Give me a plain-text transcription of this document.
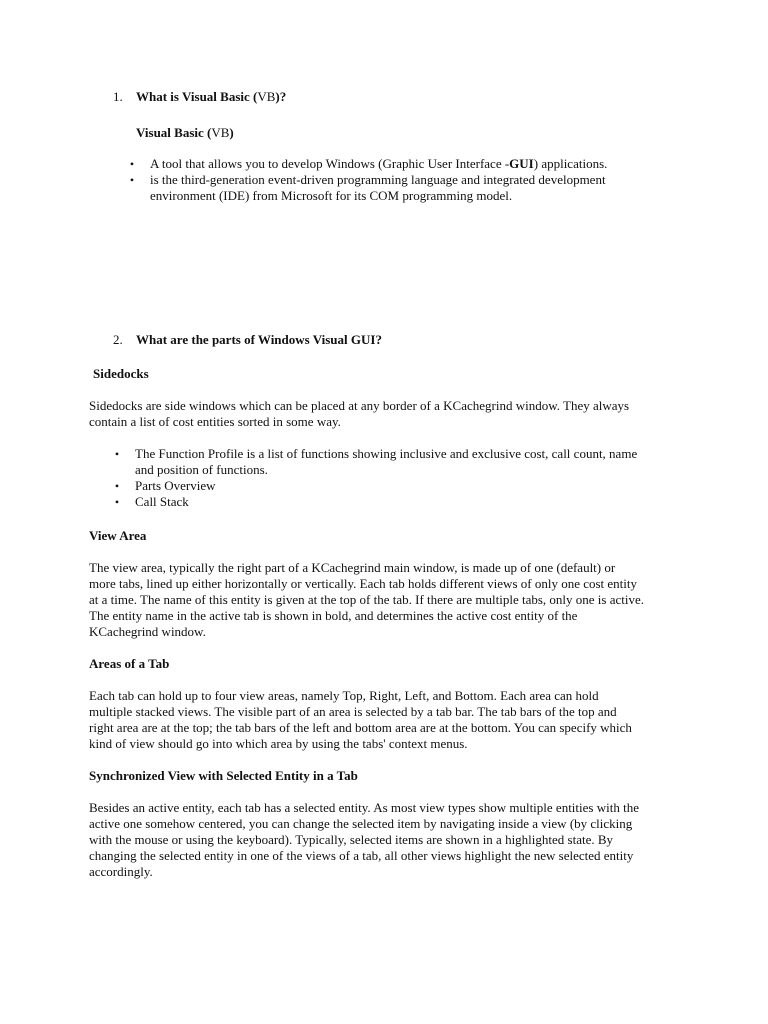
1. What is Visual Basic (VB)?
Visual Basic (VB)
• A tool that allows you to develop Windows (Graphic User Interface -GUI) applications.
• is the third-generation event-driven programming language and integrated development
environment (IDE) from Microsoft for its COM programming model.
2. What are the parts of Windows Visual GUI?
Sidedocks
Sidedocks are side windows which can be placed at any border of a KCachegrind window. They always
contain a list of cost entities sorted in some way.
• The Function Profile is a list of functions showing inclusive and exclusive cost, call count, name
and position of functions.
• Parts Overview
• Call Stack
View Area
The view area, typically the right part of a KCachegrind main window, is made up of one (default) or
more tabs, lined up either horizontally or vertically. Each tab holds different views of only one cost entity
at a time. The name of this entity is given at the top of the tab. If there are multiple tabs, only one is active.
The entity name in the active tab is shown in bold, and determines the active cost entity of the
KCachegrind window.
Areas of a Tab
Each tab can hold up to four view areas, namely Top, Right, Left, and Bottom. Each area can hold
multiple stacked views. The visible part of an area is selected by a tab bar. The tab bars of the top and
right area are at the top; the tab bars of the left and bottom area are at the bottom. You can specify which
kind of view should go into which area by using the tabs' context menus.
Synchronized View with Selected Entity in a Tab
Besides an active entity, each tab has a selected entity. As most view types show multiple entities with the
active one somehow centered, you can change the selected item by navigating inside a view (by clicking
with the mouse or using the keyboard). Typically, selected items are shown in a highlighted state. By
changing the selected entity in one of the views of a tab, all other views highlight the new selected entity
accordingly.
